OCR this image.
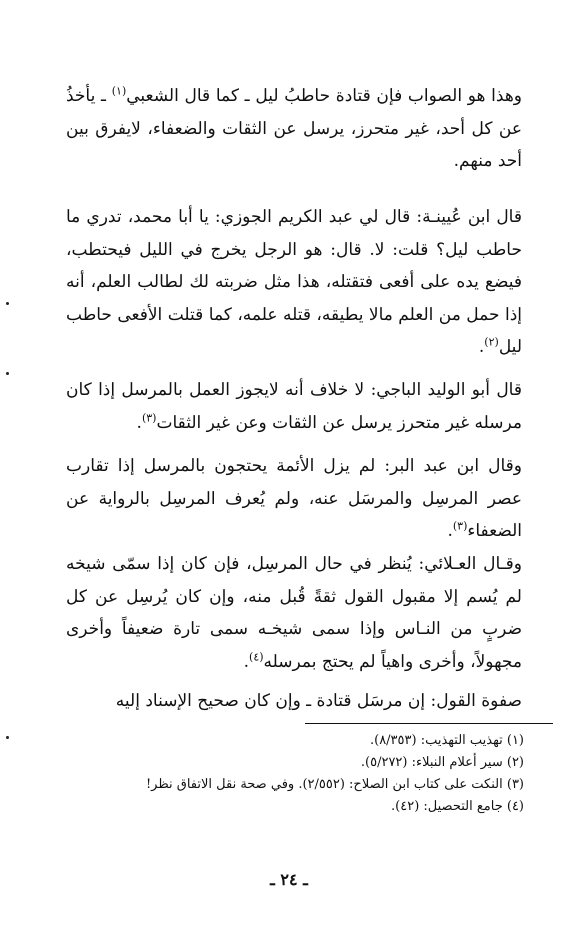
وهذا هو الصواب فإن قتادة حاطبُ ليل ـ كما قال الشعبي$^{(١)}$ ـ يأخذُ عن كل أحد، غير متحرز، يرسل عن الثقات والضعفاء، لايفرق بين أحد منهم.

قال ابن عُيينـة: قال لي عبد الكريم الجوزي: يا أبا محمد، تدري ما حاطب ليل؟ قلت: لا. قال: هو الرجل يخرج في الليل فيحتطب، فيضع يده على أفعى فتقتله، هذا مثل ضربته لك لطالب العلم، أنه إذا حمل من العلم مالا يطيقه، قتله علمه، كما قتلت الأفعى حاطب ليل$^{(٢)}$.

قال أبو الوليد الباجي: لا خلاف أنه لايجوز العمل بالمرسل إذا كان مرسله غير متحرز يرسل عن الثقات وعن غير الثقات$^{(٣)}$.

وقال ابن عبد البر: لم يزل الأئمة يحتجون بالمرسل إذا تقارب عصر المرسِل والمرسَل عنه، ولم يُعرف المرسِل بالرواية عن الضعفاء$^{(٣)}$.

وقـال العـلائي: يُنظر في حال المرسِل، فإن كان إذا سمّى شيخه لم يُسم إلا مقبول القول ثقةً قُبل منه، وإن كان يُرسِل عن كل ضربٍ من النـاس وإذا سمى شيخـه سمى تارة ضعيفاً وأخرى مجهولاً، وأخرى واهياً لم يحتج بمرسله$^{(٤)}$.

صفوة القول: إن مرسَل قتادة ـ وإن كان صحيح الإسناد إليه

(١) تهذيب التهذيب: (٨/٣٥٣).

(٢) سير أعلام النبلاء: (٥/٢٧٢).

(٣) النكت على كتاب ابن الصلاح: (٢/٥٥٢). وفي صحة نقل الاتفاق نظر!

(٤) جامع التحصيل: (٤٢).

ـ ٢٤ ـ
